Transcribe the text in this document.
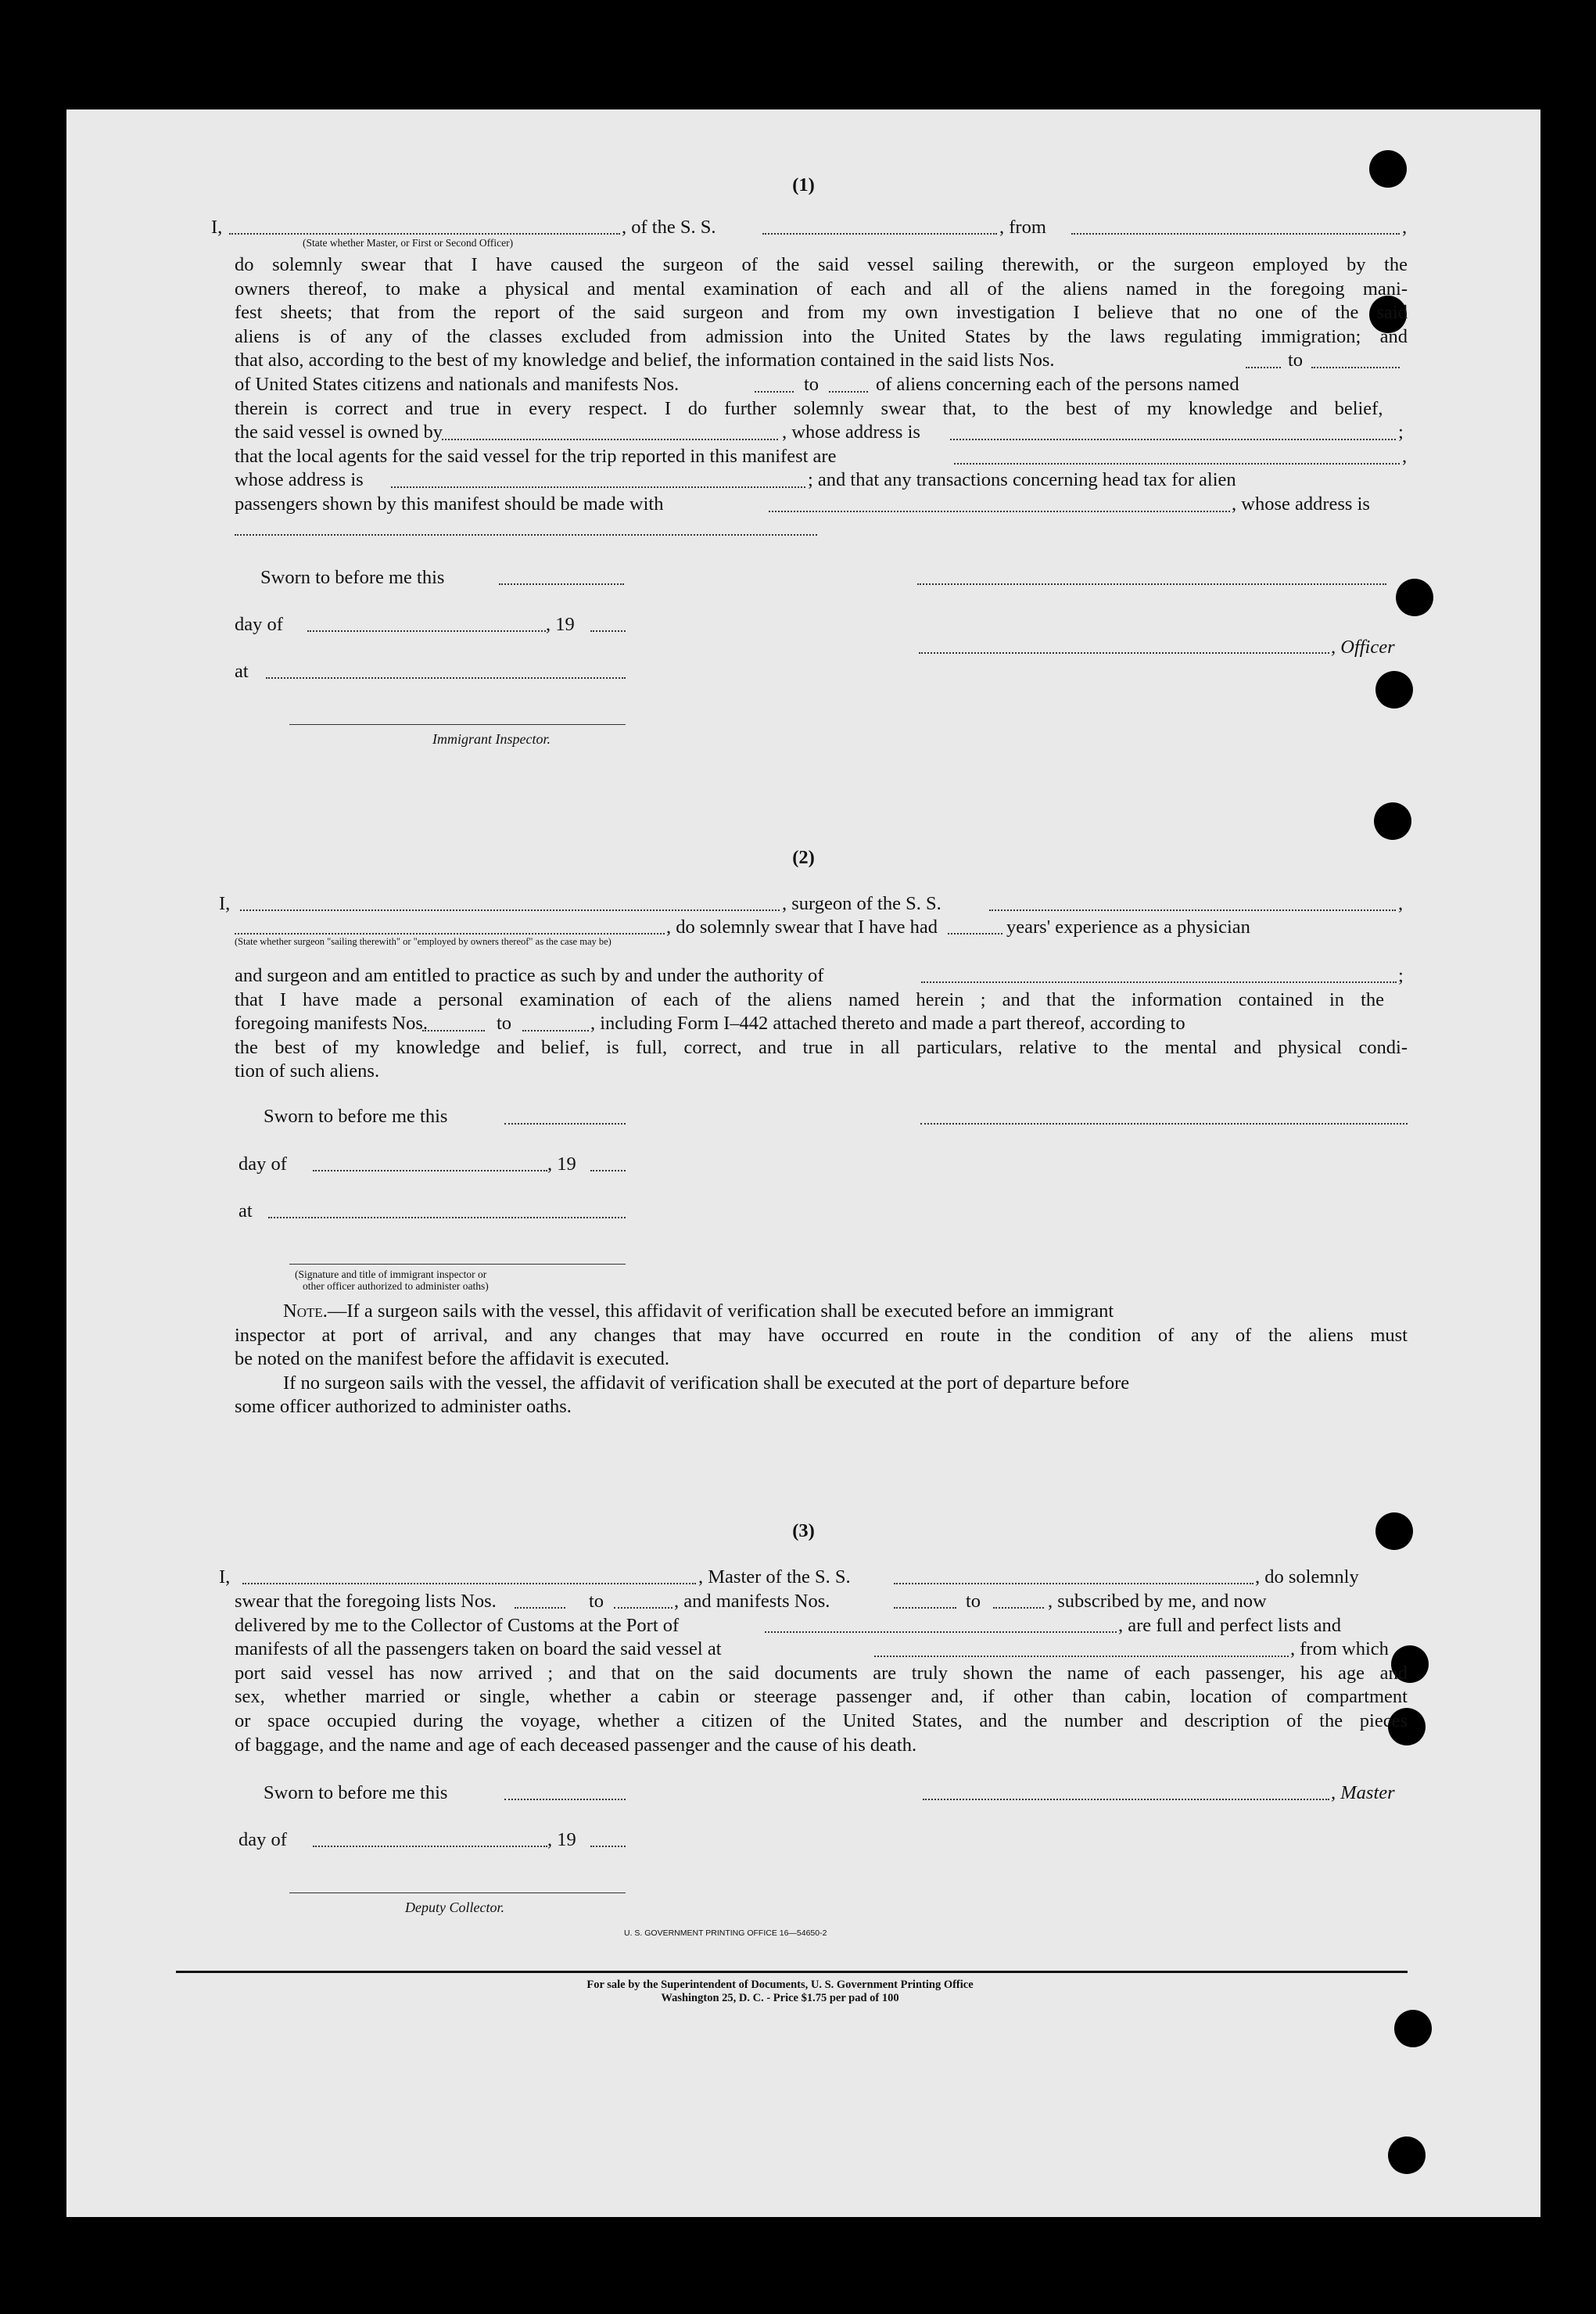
(1)
I,	, of the S. S.	, from	,
(State whether Master, or First or Second Officer)
do solemnly swear that I have caused the surgeon of the said vessel sailing therewith, or the surgeon employed by the
owners thereof, to make a physical and mental examination of each and all of the aliens named in the foregoing mani-
fest sheets; that from the report of the said surgeon and from my own investigation I believe that no one of the said
aliens is of any of the classes excluded from admission into the United States by the laws regulating immigration; and
that also, according to the best of my knowledge and belief, the information contained in the said lists Nos.	to
of United States citizens and nationals and manifests Nos.	to	of aliens concerning each of the persons named
therein is correct and true in every respect. I do further solemnly swear that, to the best of my knowledge and belief,
the said vessel is owned by	, whose address is	;
that the local agents for the said vessel for the trip reported in this manifest are	,
whose address is	; and that any transactions concerning head tax for alien
passengers shown by this manifest should be made with	, whose address is
Sworn to before me this
day of	, 19
, Officer
at
Immigrant Inspector.
(2)
I,	, surgeon of the S. S.	,
, do solemnly swear that I have had	years' experience as a physician
(State whether surgeon "sailing therewith" or "employed by owners thereof" as the case may be)
and surgeon and am entitled to practice as such by and under the authority of	;
that I have made a personal examination of each of the aliens named herein ; and that the information contained in the
foregoing manifests Nos.	to	, including Form I–442 attached thereto and made a part thereof, according to
the best of my knowledge and belief, is full, correct, and true in all particulars, relative to the mental and physical condi-
tion of such aliens.
Sworn to before me this
day of	, 19
at
(Signature and title of immigrant inspector or
other officer authorized to administer oaths)
Note.—If a surgeon sails with the vessel, this affidavit of verification shall be executed before an immigrant
inspector at port of arrival, and any changes that may have occurred en route in the condition of any of the aliens must
be noted on the manifest before the affidavit is executed.
If no surgeon sails with the vessel, the affidavit of verification shall be executed at the port of departure before
some officer authorized to administer oaths.
(3)
I,	, Master of the S. S.	, do solemnly
swear that the foregoing lists Nos.	to	, and manifests Nos.	to	, subscribed by me, and now
delivered by me to the Collector of Customs at the Port of	, are full and perfect lists and
manifests of all the passengers taken on board the said vessel at	, from which
port said vessel has now arrived ; and that on the said documents are truly shown the name of each passenger, his age and
sex, whether married or single, whether a cabin or steerage passenger and, if other than cabin, location of compartment
or space occupied during the voyage, whether a citizen of the United States, and the number and description of the pieces
of baggage, and the name and age of each deceased passenger and the cause of his death.
Sworn to before me this	, Master
day of	, 19
Deputy Collector.
U. S. GOVERNMENT PRINTING OFFICE 16—54650-2
For sale by the Superintendent of Documents, U. S. Government Printing Office
Washington 25, D. C. - Price $1.75 per pad of 100
